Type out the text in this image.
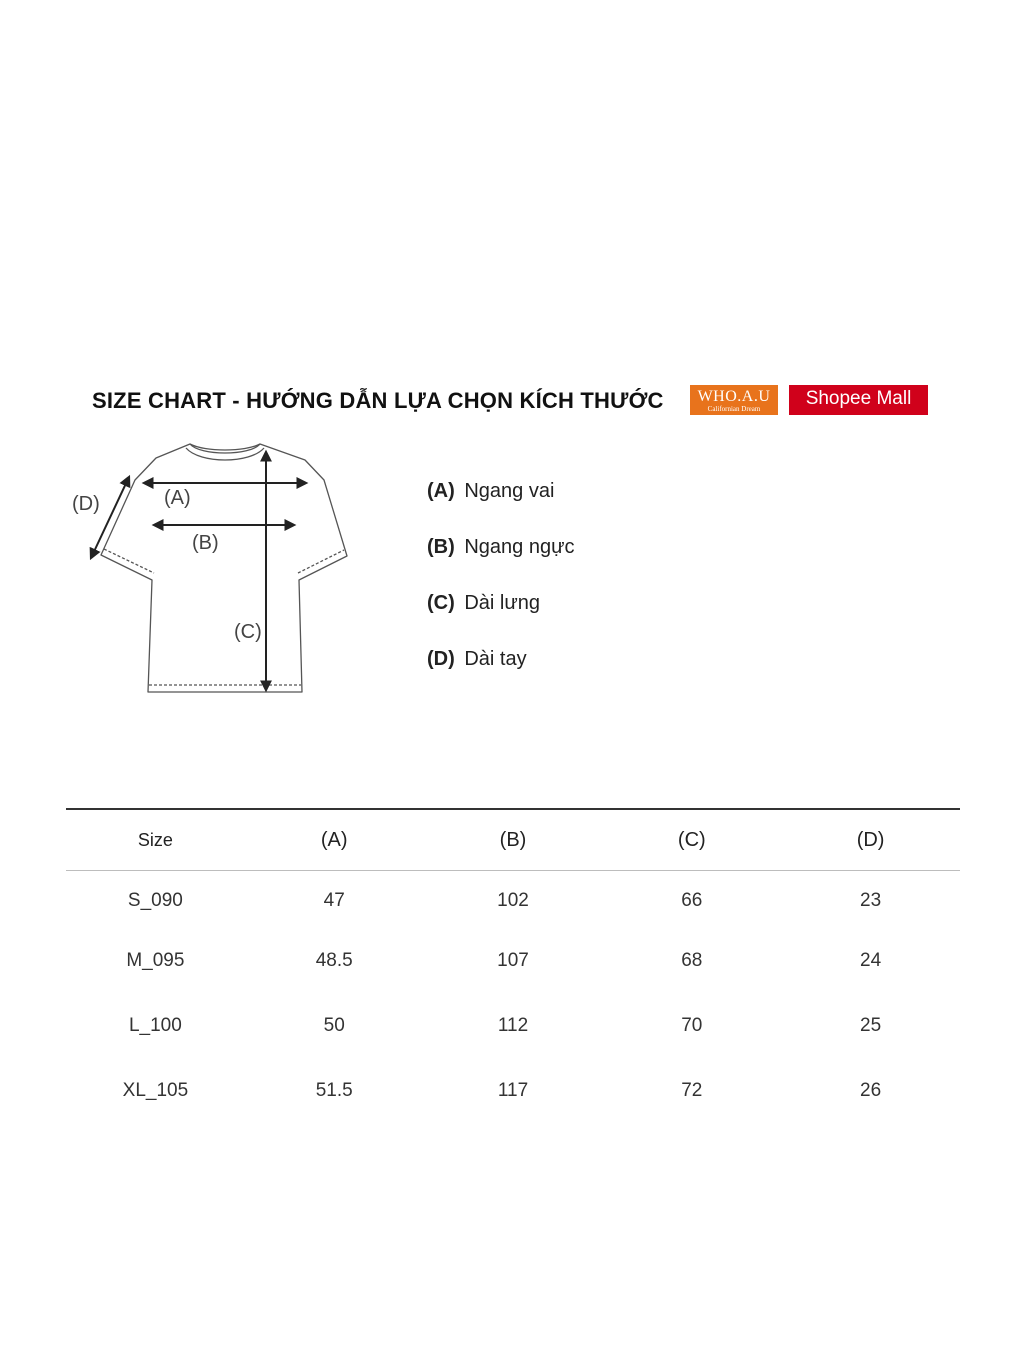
SIZE CHART - HƯỚNG DẪN LỰA CHỌN KÍCH THƯỚC	WHO.A.U
Californian Dream	Shopee Mall
(A)
(B)
(C)
(D)
(A) Ngang vai
(B) Ngang ngực
(C) Dài lưng
(D) Dài tay
Size	(A)	(B)	(C)	(D)
S_090	47	102	66	23
M_095	48.5	107	68	24
L_100	50	112	70	25
XL_105	51.5	117	72	26
